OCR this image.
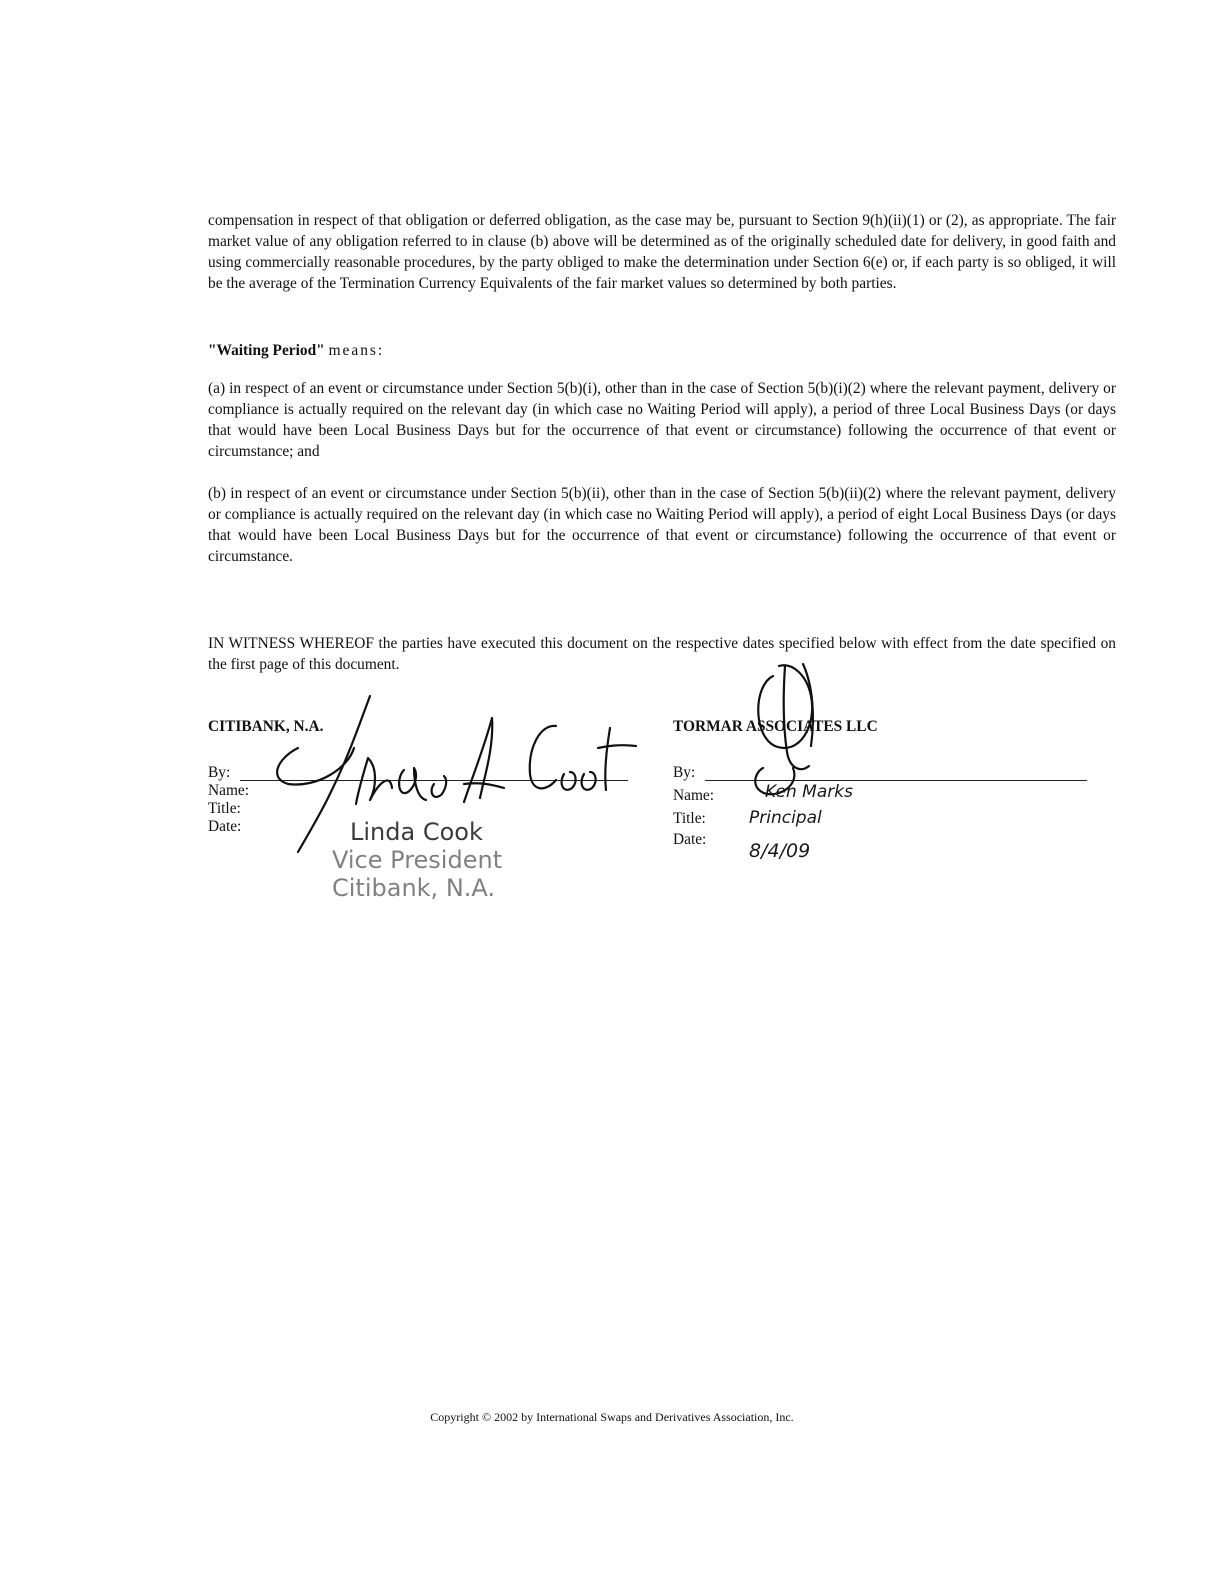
compensation in respect of that obligation or deferred obligation, as the case may be, pursuant to Section 9(h)(ii)(1) or (2), as appropriate. The fair market value of any obligation referred to in clause (b) above will be determined as of the originally scheduled date for delivery, in good faith and using commercially reasonable procedures, by the party obliged to make the determination under Section 6(e) or, if each party is so obliged, it will be the average of the Termination Currency Equivalents of the fair market values so determined by both parties.

"Waiting Period" means:

(a) in respect of an event or circumstance under Section 5(b)(i), other than in the case of Section 5(b)(i)(2) where the relevant payment, delivery or compliance is actually required on the relevant day (in which case no Waiting Period will apply), a period of three Local Business Days (or days that would have been Local Business Days but for the occurrence of that event or circumstance) following the occurrence of that event or circumstance; and

(b) in respect of an event or circumstance under Section 5(b)(ii), other than in the case of Section 5(b)(ii)(2) where the relevant payment, delivery or compliance is actually required on the relevant day (in which case no Waiting Period will apply), a period of eight Local Business Days (or days that would have been Local Business Days but for the occurrence of that event or circumstance) following the occurrence of that event or circumstance.

IN WITNESS WHEREOF the parties have executed this document on the respective dates specified below with effect from the date specified on the first page of this document.

CITIBANK, N.A.
By:
Name:
Title:
Date:	Linda Cook
Vice President
Citibank, N.A.
TORMAR ASSOCIATES LLC
By:
Name:
Title:
Date:
Ken Marks
Principal
8/4/09
Copyright © 2002 by International Swaps and Derivatives Association, Inc.
